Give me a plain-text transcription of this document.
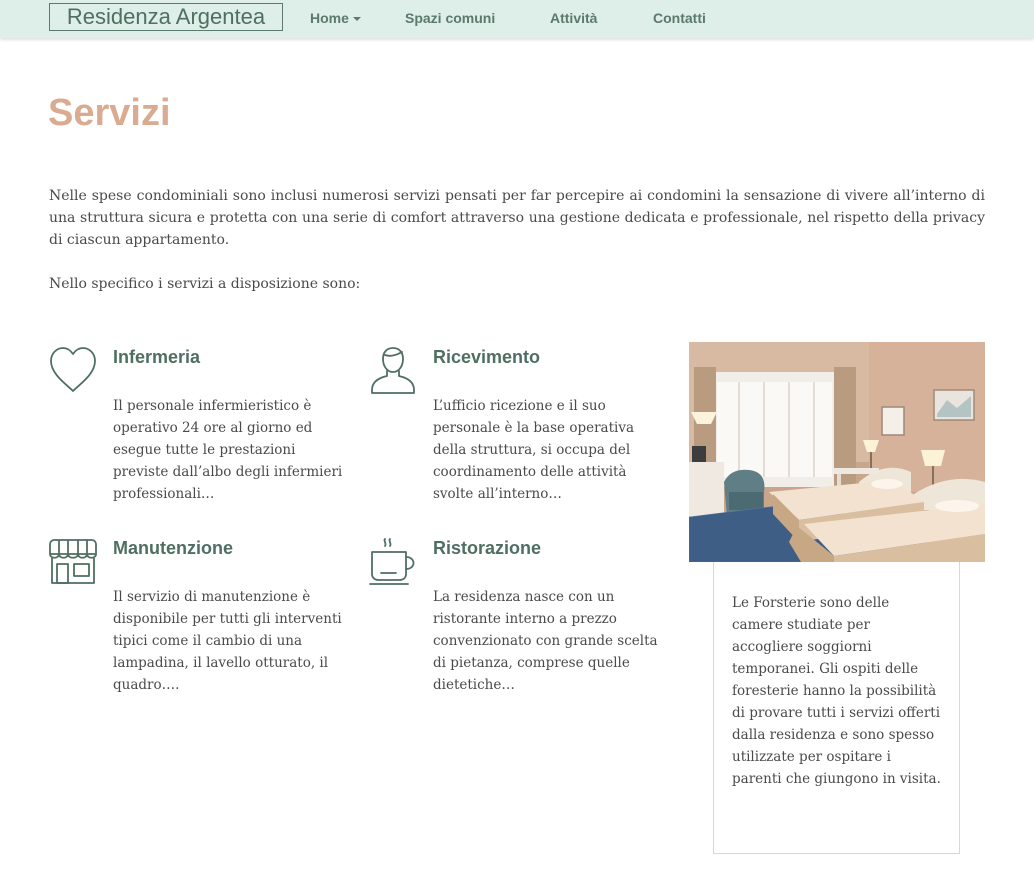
Residenza Argentea	Home	Spazi comuni	Attività	Contatti
Servizi

Nelle spese condominiali sono inclusi numerosi servizi pensati per far percepire ai condomini la sensazione di vivere all’interno di una struttura sicura e protetta con una serie di comfort attraverso una gestione dedicata e professionale, nel rispetto della privacy di ciascun appartamento.

Nello specifico i servizi a disposizione sono:

Infermeria

Il personale infermieristico è operativo 24 ore al giorno ed esegue tutte le prestazioni previste dall’albo degli infermieri professionali…

Ricevimento

L’ufficio ricezione e il suo personale è la base operativa della struttura, si occupa del coordinamento delle attività svolte all’interno…

Manutenzione

Il servizio di manutenzione è disponibile per tutti gli interventi tipici come il cambio di una lampadina, il lavello otturato, il quadro….

Ristorazione

La residenza nasce con un ristorante interno a prezzo convenzionato con grande scelta di pietanza, comprese quelle dietetiche…

Le Forsterie sono delle camere studiate per accogliere soggiorni temporanei. Gli ospiti delle foresterie hanno la possibilità di provare tutti i servizi offerti dalla residenza e sono spesso utilizzate per ospitare i parenti che giungono in visita.
